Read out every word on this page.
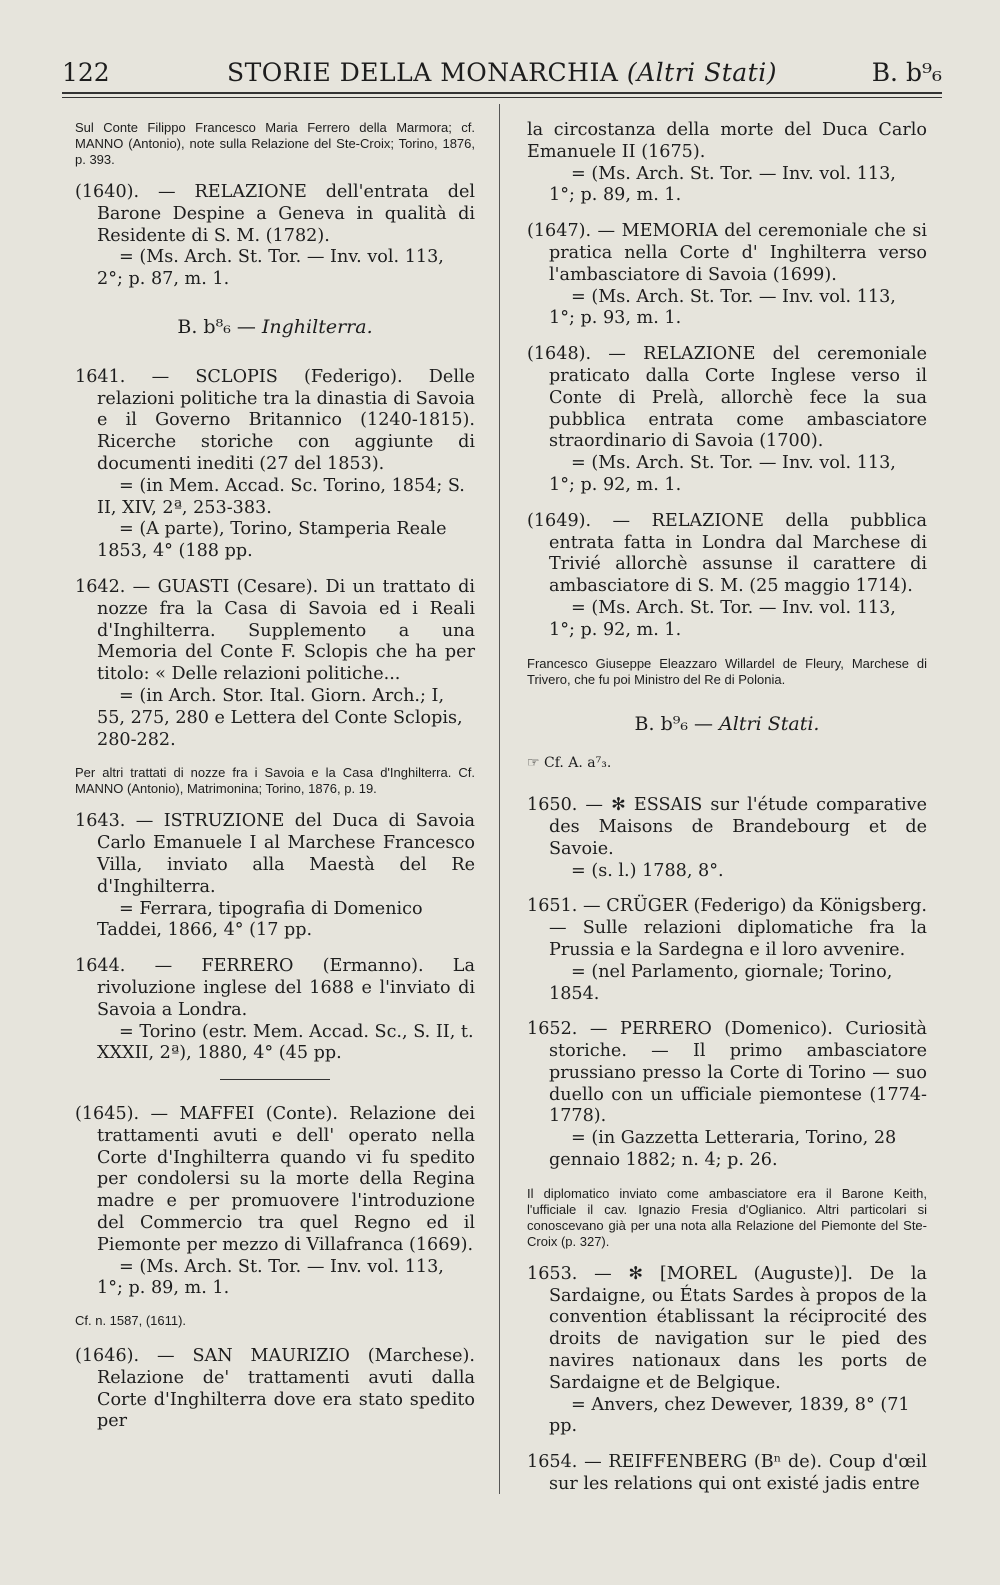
122	STORIE DELLA MONARCHIA (Altri Stati)	B. b⁹₆

Sul Conte Filippo Francesco Maria Ferrero della Marmora; cf. MANNO (Antonio), note sulla Relazione del Ste-Croix; Torino, 1876, p. 393.

(1640). — RELAZIONE dell'entrata del Barone Despine a Geneva in qualità di Residente di S. M. (1782).

= (Ms. Arch. St. Tor. — Inv. vol. 113, 2°; p. 87, m. 1.

B. b⁸₆ — Inghilterra.

1641. — SCLOPIS (Federigo). Delle relazioni politiche tra la dinastia di Savoia e il Governo Britannico (1240-1815). Ricerche storiche con aggiunte di documenti inediti (27 del 1853).

= (in Mem. Accad. Sc. Torino, 1854; S. II, XIV, 2ª, 253-383.

= (A parte), Torino, Stamperia Reale 1853, 4° (188 pp.

1642. — GUASTI (Cesare). Di un trattato di nozze fra la Casa di Savoia ed i Reali d'Inghilterra. Supplemento a una Memoria del Conte F. Sclopis che ha per titolo: « Delle relazioni politiche...

= (in Arch. Stor. Ital. Giorn. Arch.; I, 55, 275, 280 e Lettera del Conte Sclopis, 280-282.

Per altri trattati di nozze fra i Savoia e la Casa d'Inghilterra. Cf. MANNO (Antonio), Matrimonina; Torino, 1876, p. 19.

1643. — ISTRUZIONE del Duca di Savoia Carlo Emanuele I al Marchese Francesco Villa, inviato alla Maestà del Re d'Inghilterra.

= Ferrara, tipografia di Domenico Taddei, 1866, 4° (17 pp.

1644. — FERRERO (Ermanno). La rivoluzione inglese del 1688 e l'inviato di Savoia a Londra.

= Torino (estr. Mem. Accad. Sc., S. II, t. XXXII, 2ª), 1880, 4° (45 pp.

(1645). — MAFFEI (Conte). Relazione dei trattamenti avuti e dell' operato nella Corte d'Inghilterra quando vi fu spedito per condolersi su la morte della Regina madre e per promuovere l'introduzione del Commercio tra quel Regno ed il Piemonte per mezzo di Villafranca (1669).

= (Ms. Arch. St. Tor. — Inv. vol. 113, 1°; p. 89, m. 1.

Cf. n. 1587, (1611).

(1646). — SAN MAURIZIO (Marchese). Relazione de' trattamenti avuti dalla Corte d'Inghilterra dove era stato spedito per

la circostanza della morte del Duca Carlo Emanuele II (1675).

= (Ms. Arch. St. Tor. — Inv. vol. 113, 1°; p. 89, m. 1.

(1647). — MEMORIA del ceremoniale che si pratica nella Corte d' Inghilterra verso l'ambasciatore di Savoia (1699).

= (Ms. Arch. St. Tor. — Inv. vol. 113, 1°; p. 93, m. 1.

(1648). — RELAZIONE del ceremoniale praticato dalla Corte Inglese verso il Conte di Prelà, allorchè fece la sua pubblica entrata come ambasciatore straordinario di Savoia (1700).

= (Ms. Arch. St. Tor. — Inv. vol. 113, 1°; p. 92, m. 1.

(1649). — RELAZIONE della pubblica entrata fatta in Londra dal Marchese di Trivié allorchè assunse il carattere di ambasciatore di S. M. (25 maggio 1714).

= (Ms. Arch. St. Tor. — Inv. vol. 113, 1°; p. 92, m. 1.

Francesco Giuseppe Eleazzaro Willardel de Fleury, Marchese di Trivero, che fu poi Ministro del Re di Polonia.

B. b⁹₆ — Altri Stati.

☞ Cf. A. a⁷₃.

1650. — ✻ ESSAIS sur l'étude comparative des Maisons de Brandebourg et de Savoie.

= (s. l.) 1788, 8°.

1651. — CRÜGER (Federigo) da Königsberg. — Sulle relazioni diplomatiche fra la Prussia e la Sardegna e il loro avvenire.

= (nel Parlamento, giornale; Torino, 1854.

1652. — PERRERO (Domenico). Curiosità storiche. — Il primo ambasciatore prussiano presso la Corte di Torino — suo duello con un ufficiale piemontese (1774-1778).

= (in Gazzetta Letteraria, Torino, 28 gennaio 1882; n. 4; p. 26.

Il diplomatico inviato come ambasciatore era il Barone Keith, l'ufficiale il cav. Ignazio Fresia d'Oglianico. Altri particolari si conoscevano già per una nota alla Relazione del Piemonte del Ste-Croix (p. 327).

1653. — ✻ [MOREL (Auguste)]. De la Sardaigne, ou États Sardes à propos de la convention établissant la réciprocité des droits de navigation sur le pied des navires nationaux dans les ports de Sardaigne et de Belgique.

= Anvers, chez Dewever, 1839, 8° (71 pp.

1654. — REIFFENBERG (Bⁿ de). Coup d'œil sur les relations qui ont existé jadis entre
